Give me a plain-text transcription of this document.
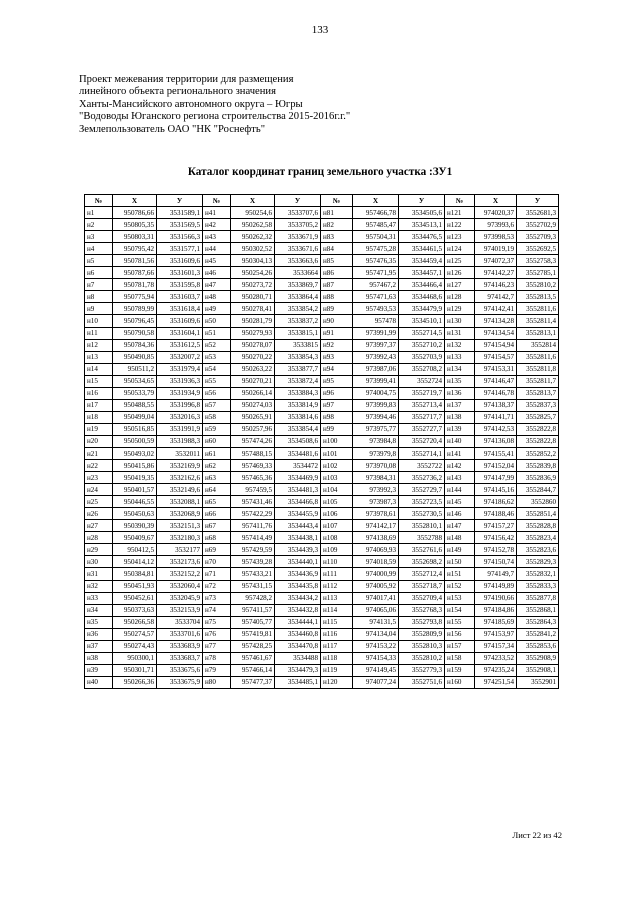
133
Проект межевания территории для размещения
линейного объекта регионального значения
Ханты-Мансийского автономного округа – Югры
"Водоводы Юганского региона строительства 2015-2016г.г."
Землепользователь ОАО "НК "Роснефть"
Каталог координат границ земельного участка :ЗУ1
№	X	У	№	X	У	№	X	У	№	X	У
н1	950786,66	3531589,1	н41	950254,6	3533707,6	н81	957466,78	3534505,6	н121	974020,37	3552681,3
н2	950805,35	3531569,5	н42	950262,58	3533705,2	н82	957485,47	3534513,1	н122	973993,6	3552702,9
н3	950803,31	3531566,3	н43	950262,32	3533671,9	н83	957504,31	3534476,5	н123	973998,53	3552709,3
н4	950795,42	3531577,1	н44	950302,52	3533671,6	н84	957475,28	3534461,5	н124	974019,19	3552692,5
н5	950781,56	3531609,6	н45	950304,13	3533663,6	н85	957476,35	3534459,4	н125	974072,37	3552758,3
н6	950787,66	3531601,3	н46	950254,26	3533664	н86	957471,95	3534457,1	н126	974142,27	3552785,1
н7	950781,78	3531595,8	н47	950273,72	3533869,7	н87	957467,2	3534466,4	н127	974146,23	3552810,2
н8	950775,94	3531603,7	н48	950280,71	3533864,4	н88	957471,63	3534468,6	н128	974142,7	3552813,5
н9	950789,99	3531618,4	н49	950278,41	3533854,2	н89	957493,53	3534479,9	н129	974142,41	3552811,6
н10	950796,45	3531609,6	н50	950281,79	3533837,2	н90	957478	3534510,1	н130	974134,28	3552811,4
н11	950790,58	3531604,1	н51	950279,93	3533815,1	н91	973991,99	3552714,5	н131	974134,54	3552813,1
н12	950784,36	3531612,5	н52	950278,07	3533815	н92	973997,37	3552710,2	н132	974154,94	3552814
н13	950490,85	3532007,2	н53	950270,22	3533854,3	н93	973992,43	3552703,9	н133	974154,57	3552811,6
н14	950511,2	3531979,4	н54	950263,22	3533877,7	н94	973987,06	3552708,2	н134	974153,31	3552811,8
н15	950534,65	3531936,3	н55	950270,21	3533872,4	н95	973999,41	3552724	н135	974146,47	3552811,7
н16	950533,79	3531934,9	н56	950266,14	3533884,3	н96	974004,75	3552719,7	н136	974146,78	3552813,7
н17	950488,55	3531996,8	н57	950274,03	3533814,9	н97	973999,83	3552713,4	н137	974138,37	3552837,3
н18	950499,04	3532016,3	н58	950265,91	3533814,6	н98	973994,46	3552717,7	н138	974141,71	3552825,7
н19	950516,85	3531991,9	н59	950257,96	3533854,4	н99	973975,77	3552727,7	н139	974142,53	3552822,8
н20	950500,59	3531988,3	н60	957474,26	3534508,6	н100	973984,8	3552720,4	н140	974136,08	3552822,8
н21	950493,02	3532011	н61	957488,15	3534481,6	н101	973979,8	3552714,1	н141	974155,41	3552852,2
н22	950415,86	3532169,9	н62	957469,33	3534472	н102	973970,08	3552722	н142	974152,04	3552839,8
н23	950419,35	3532162,6	н63	957465,36	3534469,9	н103	973984,31	3552736,2	н143	974147,99	3552836,9
н24	950401,57	3532149,6	н64	957459,5	3534481,3	н104	973992,3	3552729,7	н144	974145,16	3552844,7
н25	950446,55	3532088,1	н65	957431,46	3534466,8	н105	973987,3	3552723,5	н145	974186,62	3552860
н26	950450,63	3532068,9	н66	957422,29	3534455,9	н106	973978,61	3552730,5	н146	974188,46	3552851,4
н27	950390,39	3532151,3	н67	957411,76	3534443,4	н107	974142,17	3552810,1	н147	974157,27	3552828,8
н28	950409,67	3532180,3	н68	957414,49	3534438,1	н108	974138,69	3552788	н148	974156,42	3552823,4
н29	950412,5	3532177	н69	957429,59	3534439,3	н109	974069,93	3552761,6	н149	974152,78	3552823,6
н30	950414,12	3532173,6	н70	957439,28	3534440,1	н110	974018,59	3552698,2	н150	974150,74	3552829,3
н31	950384,81	3532152,2	н71	957433,21	3534436,9	н111	974000,99	3552712,4	н151	974149,7	3552832,1
н32	950451,93	3532060,4	н72	957431,15	3534435,8	н112	974005,92	3552718,7	н152	974149,89	3552833,3
н33	950452,61	3532045,9	н73	957428,2	3534434,2	н113	974017,41	3552709,4	н153	974190,66	3552877,8
н34	950373,63	3532153,9	н74	957411,57	3534432,8	н114	974065,06	3552768,3	н154	974184,86	3552868,1
н35	950266,58	3533704	н75	957405,77	3534444,1	н115	974131,5	3552793,8	н155	974185,69	3552864,3
н36	950274,57	3533701,6	н76	957419,81	3534460,8	н116	974134,04	3552809,9	н156	974153,97	3552841,2
н37	950274,43	3533683,9	н77	957428,25	3534470,8	н117	974153,22	3552810,3	н157	974157,34	3552853,6
н38	950300,1	3533683,7	н78	957461,67	3534488	н118	974154,33	3552810,2	н158	974233,52	3552908,9
н39	950301,71	3533675,6	н79	957466,14	3534479,3	н119	974149,45	3552779,3	н159	974235,24	3552908,1
н40	950266,36	3533675,9	н80	957477,37	3534485,1	н120	974077,24	3552751,6	н160	974251,54	3552901
Лист 22 из 42
